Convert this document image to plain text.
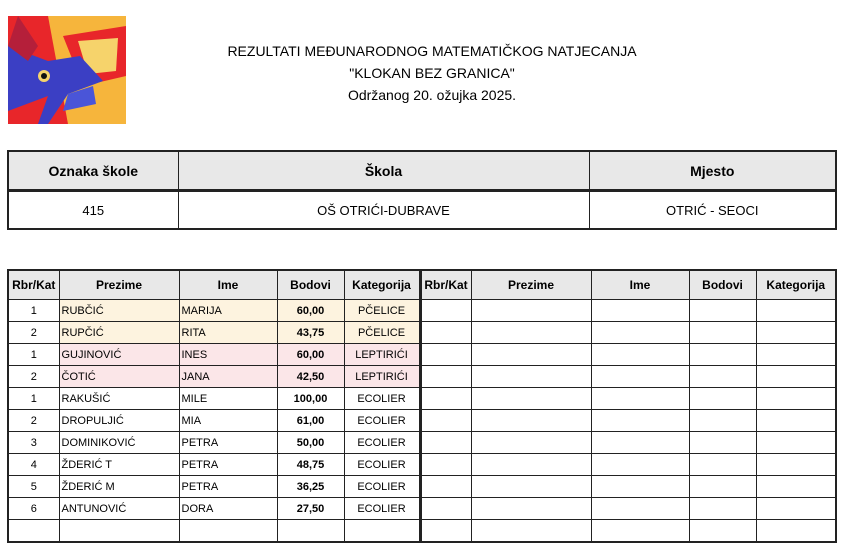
REZULTATI MEĐUNARODNOG MATEMATIČKOG NATJECANJA
"KLOKAN BEZ GRANICA"
Održanog 20. ožujka 2025.
Oznaka škole	Škola	Mjesto
415	OŠ OTRIĆI-DUBRAVE	OTRIĆ - SEOCI
Rbr/Kat	Prezime	Ime	Bodovi	Kategorija	Rbr/Kat	Prezime	Ime	Bodovi	Kategorija
1	RUBČIĆ	MARIJA	60,00	PČELICE					
2	RUPČIĆ	RITA	43,75	PČELICE					
1	GUJINOVIĆ	INES	60,00	LEPTIRIĆI					
2	ČOTIĆ	JANA	42,50	LEPTIRIĆI					
1	RAKUŠIĆ	MILE	100,00	ECOLIER					
2	DROPULJIĆ	MIA	61,00	ECOLIER					
3	DOMINIKOVIĆ	PETRA	50,00	ECOLIER					
4	ŽDERIĆ T	PETRA	48,75	ECOLIER					
5	ŽDERIĆ M	PETRA	36,25	ECOLIER					
6	ANTUNOVIĆ	DORA	27,50	ECOLIER					
